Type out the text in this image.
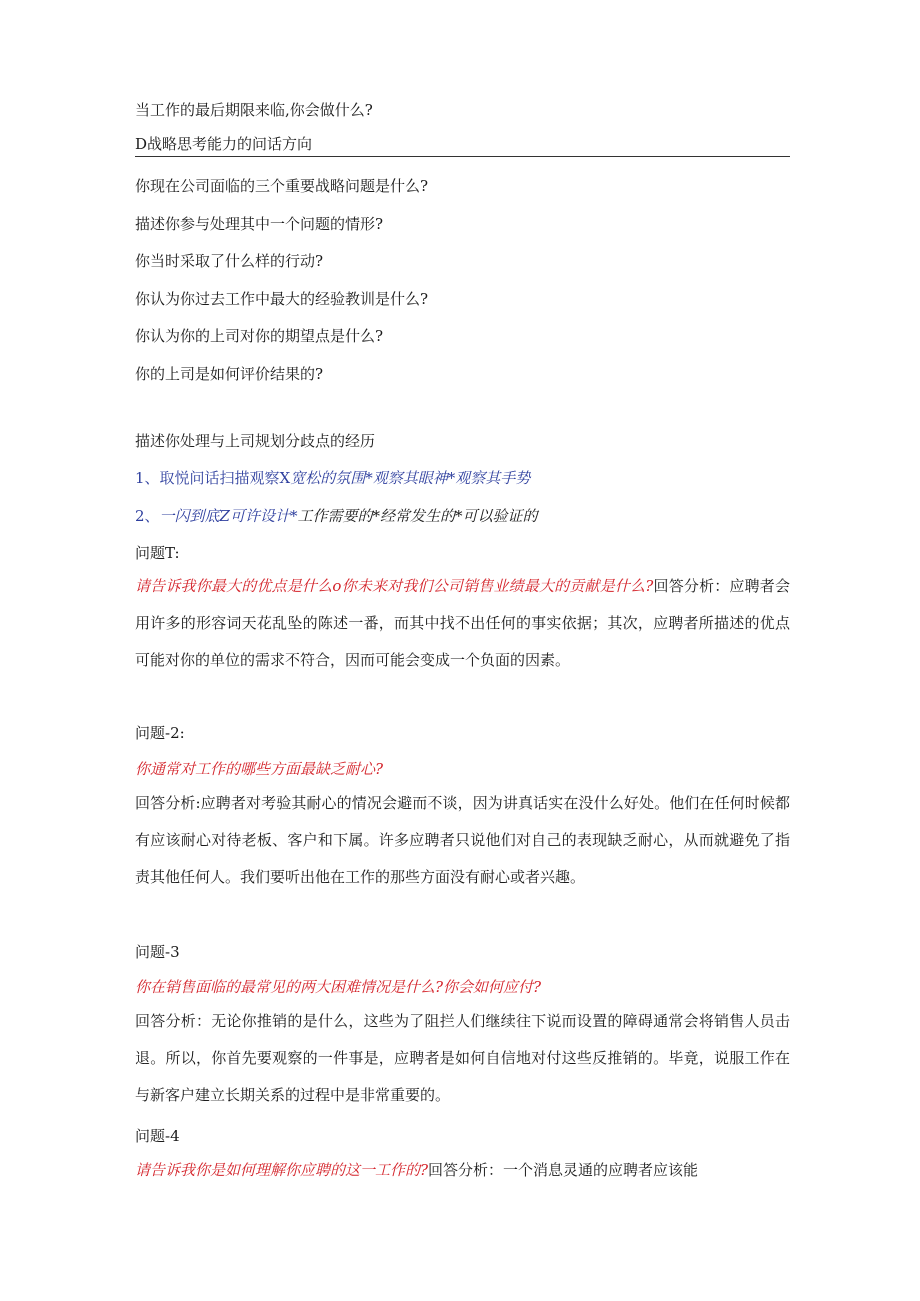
当工作的最后期限来临,你会做什么?
D战略思考能力的问话方向
你现在公司面临的三个重要战略问题是什么?
描述你参与处理其中一个问题的情形?
你当时采取了什么样的行动?
你认为你过去工作中最大的经验教训是什么?
你认为你的上司对你的期望点是什么?
你的上司是如何评价结果的?
描述你处理与上司规划分歧点的经历
1、取悦问话扫描观察X宽松的氛围*观察其眼神*观察其手势
2、一闪到底Z可许设计*工作需要的*经常发生的*可以验证的
问题T:
请告诉我你最大的优点是什么o你未来对我们公司销售业绩最大的贡献是什么?回答分析：应聘者会用许多的形容词天花乱坠的陈述一番，而其中找不出任何的事实依据；其次，应聘者所描述的优点可能对你的单位的需求不符合，因而可能会变成一个负面的因素。
问题-2:
你通常对工作的哪些方面最缺乏耐心?
回答分析:应聘者对考验其耐心的情况会避而不谈，因为讲真话实在没什么好处。他们在任何时候都有应该耐心对待老板、客户和下属。许多应聘者只说他们对自己的表现缺乏耐心，从而就避免了指责其他任何人。我们要听出他在工作的那些方面没有耐心或者兴趣。
问题-3
你在销售面临的最常见的两大困难情况是什么?你会如何应付?
回答分析：无论你推销的是什么，这些为了阻拦人们继续往下说而设置的障碍通常会将销售人员击退。所以，你首先要观察的一件事是，应聘者是如何自信地对付这些反推销的。毕竟，说服工作在与新客户建立长期关系的过程中是非常重要的。
问题-4
请告诉我你是如何理解你应聘的这一工作的?回答分析：一个消息灵通的应聘者应该能
